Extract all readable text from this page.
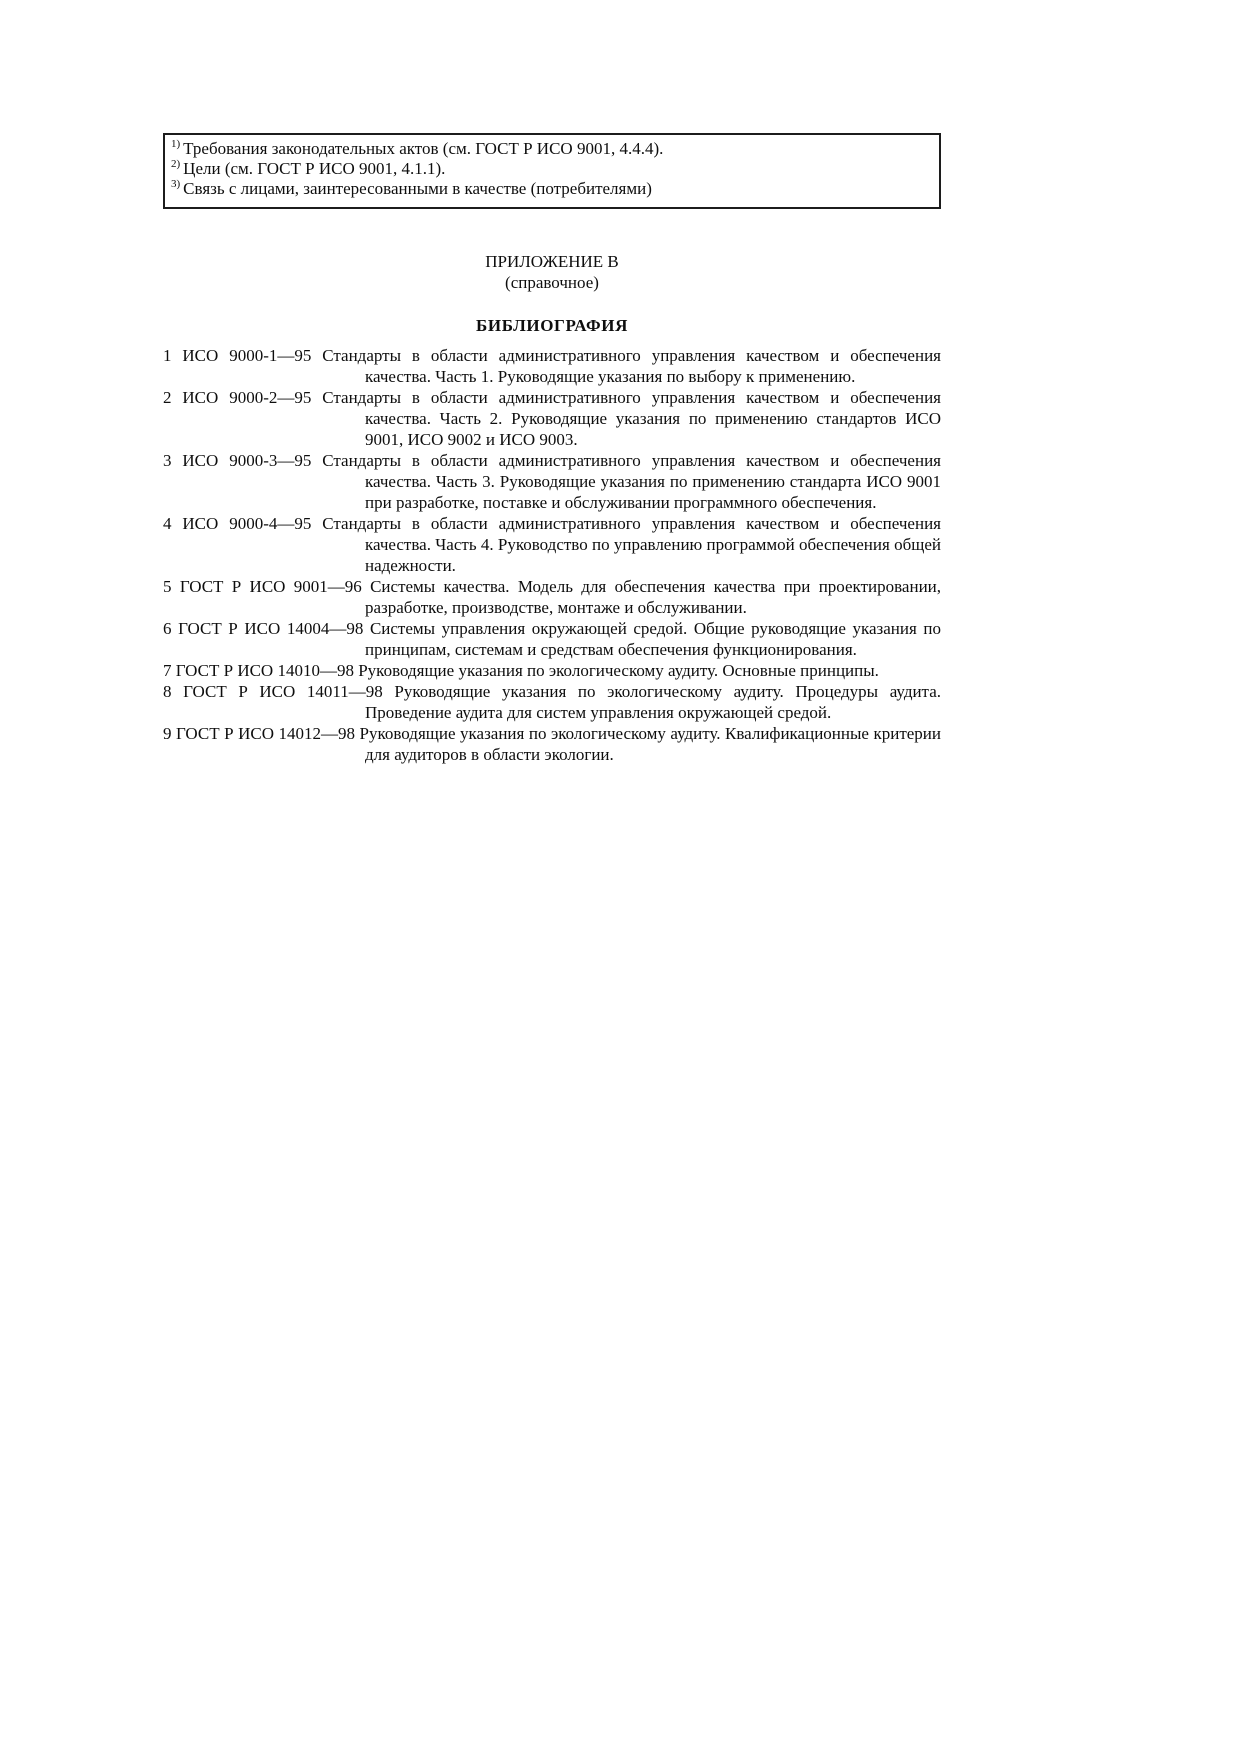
$^{1)}$ Требования законодательных актов (см. ГОСТ Р ИСО 9001, 4.4.4).
$^{2)}$ Цели (см. ГОСТ Р ИСО 9001, 4.1.1).
$^{3)}$ Связь с лицами, заинтересованными в качестве (потребителями)
ПРИЛОЖЕНИЕ В
(справочное)
БИБЛИОГРАФИЯ
1 ИСО 9000-1—95 Стандарты в области административного управления качеством и обеспечения качества. Часть 1. Руководящие указания по выбору к применению.
2 ИСО 9000-2—95 Стандарты в области административного управления качеством и обеспечения качества. Часть 2. Руководящие указания по применению стандартов ИСО 9001, ИСО 9002 и ИСО 9003.
3 ИСО 9000-3—95 Стандарты в области административного управления качеством и обеспечения качества. Часть 3. Руководящие указания по применению стандарта ИСО 9001 при разработке, поставке и обслуживании программного обеспечения.
4 ИСО 9000-4—95 Стандарты в области административного управления качеством и обеспечения качества. Часть 4. Руководство по управлению программой обеспечения общей надежности.
5 ГОСТ Р ИСО 9001—96 Системы качества. Модель для обеспечения качества при проектировании, разработке, производстве, монтаже и обслуживании.
6 ГОСТ Р ИСО 14004—98 Системы управления окружающей средой. Общие руководящие указания по принципам, системам и средствам обеспечения функционирования.
7 ГОСТ Р ИСО 14010—98 Руководящие указания по экологическому аудиту. Основные принципы.
8 ГОСТ Р ИСО 14011—98 Руководящие указания по экологическому аудиту. Процедуры аудита. Проведение аудита для систем управления окружающей средой.
9 ГОСТ Р ИСО 14012—98 Руководящие указания по экологическому аудиту. Квалификационные критерии для аудиторов в области экологии.
